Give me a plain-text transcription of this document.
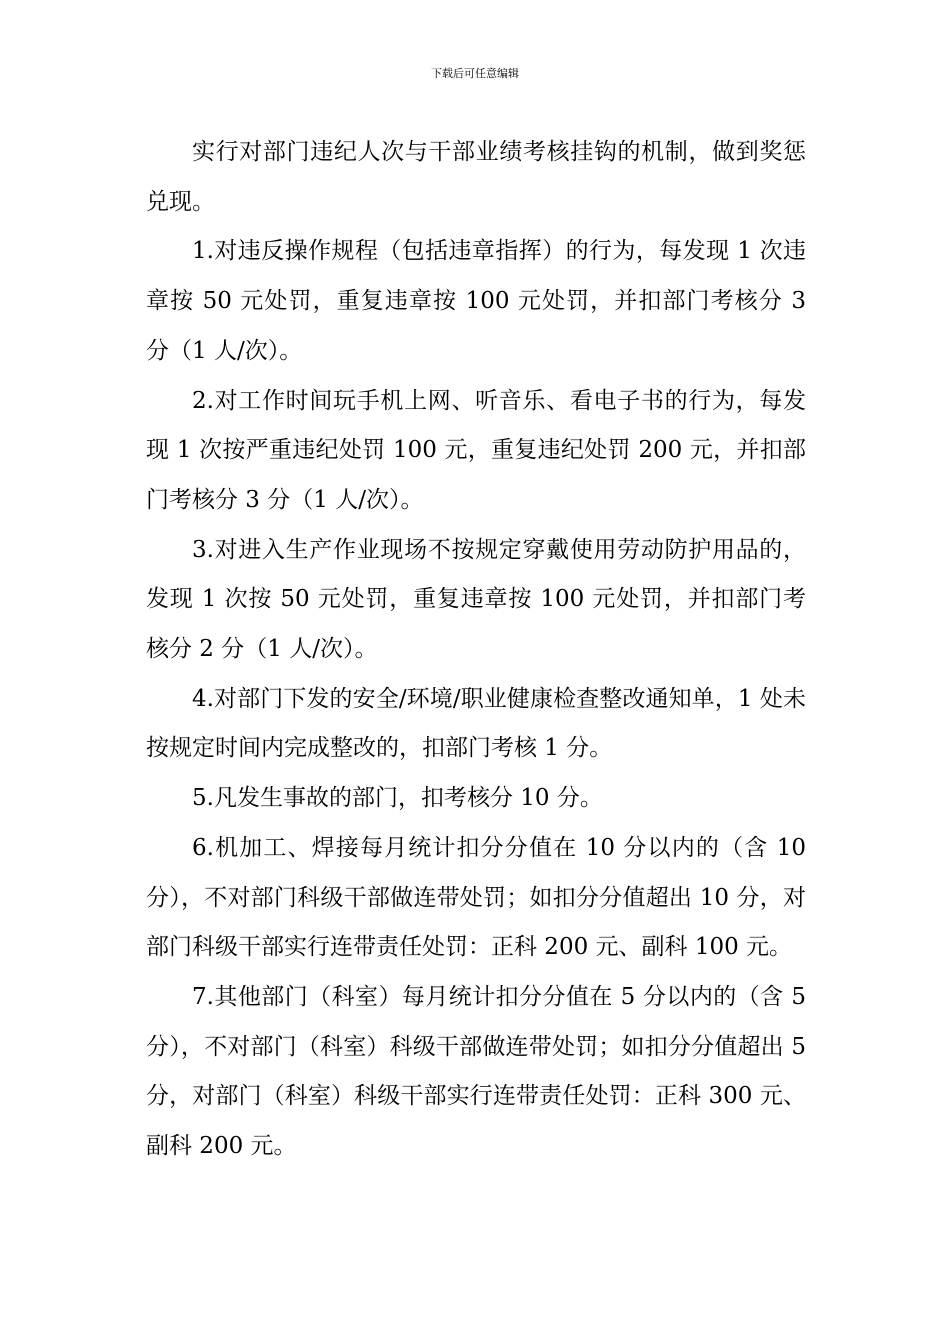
下载后可任意编辑

实行对部门违纪人次与干部业绩考核挂钩的机制，做到奖惩兑现。

1.对违反操作规程（包括违章指挥）的行为，每发现 1 次违章按 50 元处罚，重复违章按 100 元处罚，并扣部门考核分 3 分（1 人/次）。

2.对工作时间玩手机上网、听音乐、看电子书的行为，每发现 1 次按严重违纪处罚 100 元，重复违纪处罚 200 元，并扣部门考核分 3 分（1 人/次）。

3.对进入生产作业现场不按规定穿戴使用劳动防护用品的，发现 1 次按 50 元处罚，重复违章按 100 元处罚，并扣部门考核分 2 分（1 人/次）。

4.对部门下发的安全/环境/职业健康检查整改通知单，1 处未按规定时间内完成整改的，扣部门考核 1 分。

5.凡发生事故的部门，扣考核分 10 分。

6.机加工、焊接每月统计扣分分值在 10 分以内的（含 10 分），不对部门科级干部做连带处罚；如扣分分值超出 10 分，对部门科级干部实行连带责任处罚：正科 200 元、副科 100 元。

7.其他部门（科室）每月统计扣分分值在 5 分以内的（含 5 分），不对部门（科室）科级干部做连带处罚；如扣分分值超出 5 分，对部门（科室）科级干部实行连带责任处罚：正科 300 元、副科 200 元。
